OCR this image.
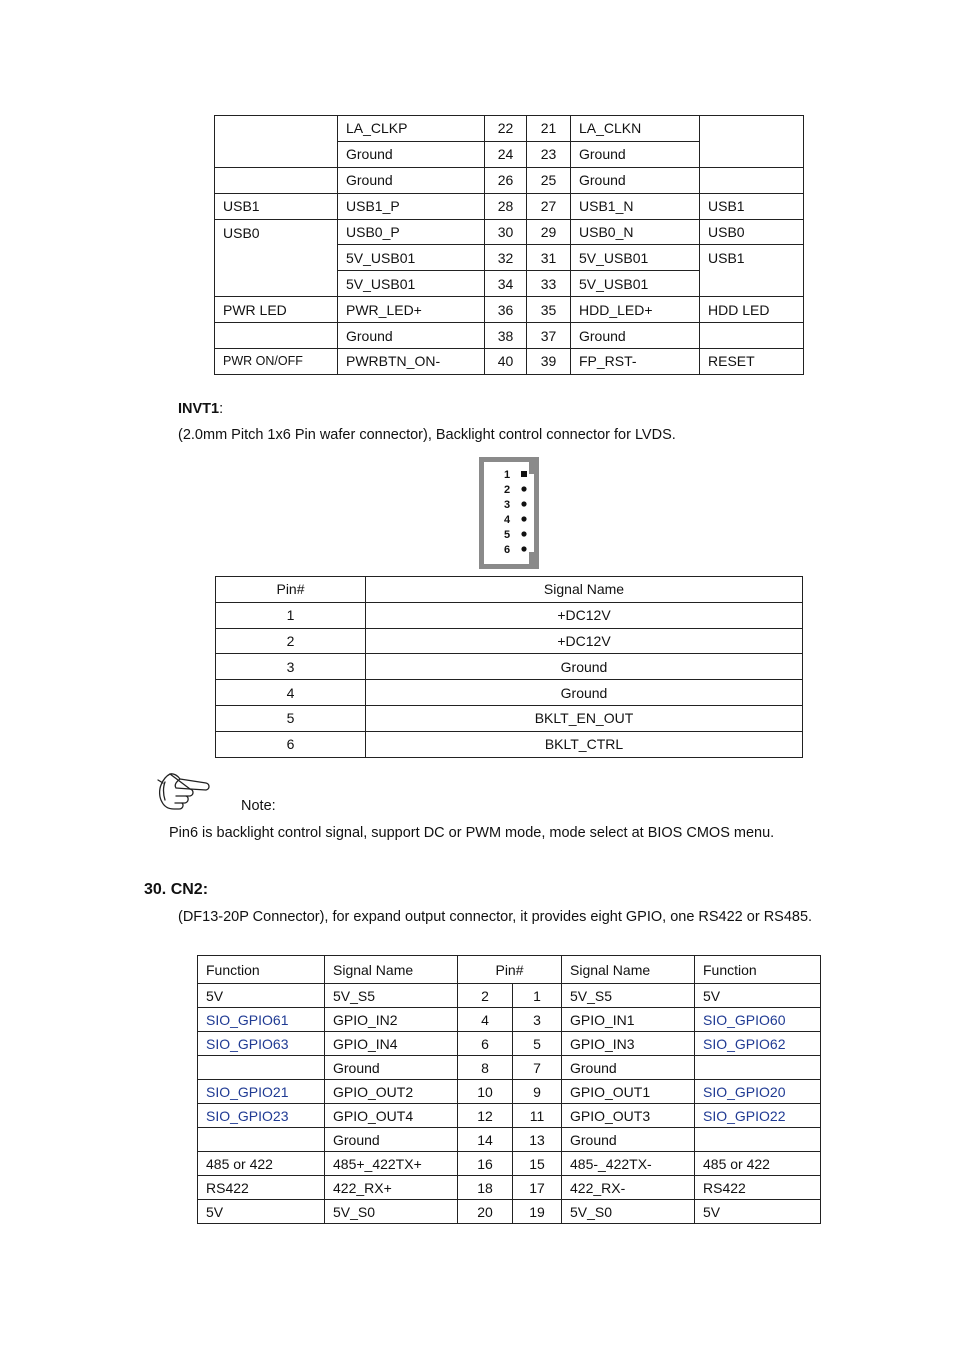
	LA_CLKP	22	21	LA_CLKN	
	Ground	24	23	Ground	
	Ground	26	25	Ground	
USB1	USB1_P	28	27	USB1_N	USB1
USB0	USB0_P	30	29	USB0_N	USB0
	5V_USB01	32	31	5V_USB01	USB1
	5V_USB01	34	33	5V_USB01	
PWR LED	PWR_LED+	36	35	HDD_LED+	HDD LED
	Ground	38	37	Ground	
PWR ON/OFF	PWRBTN_ON-	40	39	FP_RST-	RESET
INVT1:
(2.0mm Pitch 1x6 Pin wafer connector), Backlight control connector for LVDS.
1
2
3
4
5
6
Pin#	Signal Name
1	+DC12V
2	+DC12V
3	Ground
4	Ground
5	BKLT_EN_OUT
6	BKLT_CTRL
Note:
Pin6 is backlight control signal, support DC or PWM mode, mode select at BIOS CMOS menu.
30. CN2:
(DF13-20P Connector), for expand output connector, it provides eight GPIO, one RS422 or RS485.
Function	Signal Name	Pin#		Signal Name	Function
5V	5V_S5	2	1	5V_S5	5V
SIO_GPIO61	GPIO_IN2	4	3	GPIO_IN1	SIO_GPIO60
SIO_GPIO63	GPIO_IN4	6	5	GPIO_IN3	SIO_GPIO62
	Ground	8	7	Ground	
SIO_GPIO21	GPIO_OUT2	10	9	GPIO_OUT1	SIO_GPIO20
SIO_GPIO23	GPIO_OUT4	12	11	GPIO_OUT3	SIO_GPIO22
	Ground	14	13	Ground	
485 or 422	485+_422TX+	16	15	485-_422TX-	485 or 422
RS422	422_RX+	18	17	422_RX-	RS422
5V	5V_S0	20	19	5V_S0	5V
